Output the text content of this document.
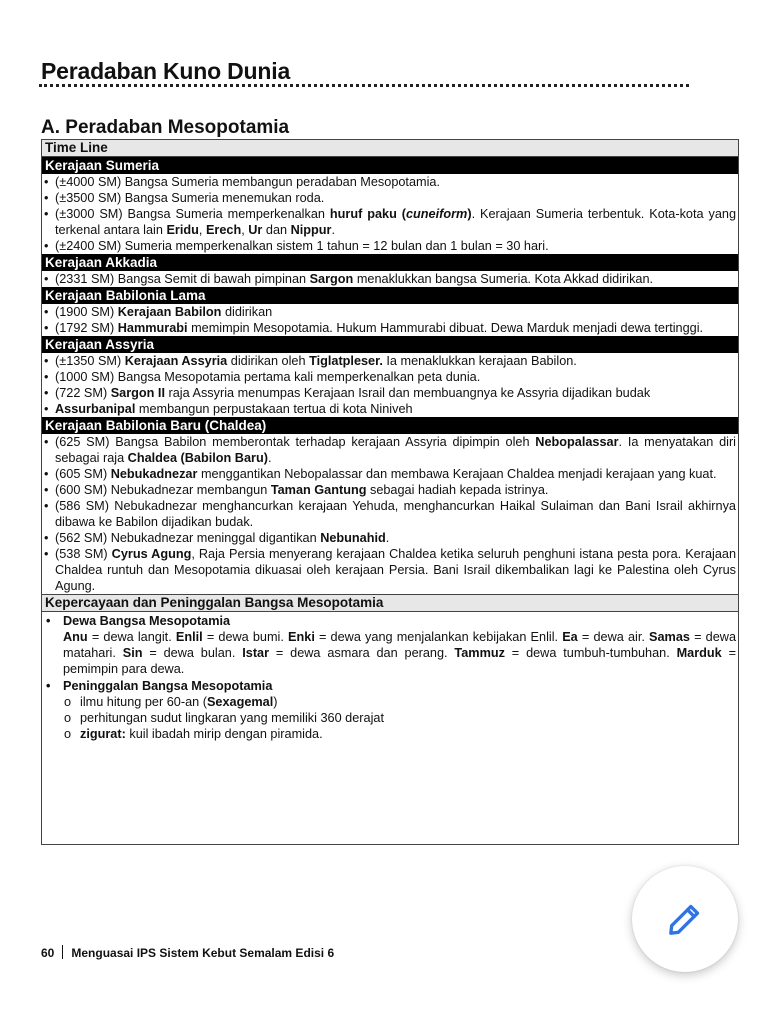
Peradaban Kuno Dunia
A. Peradaban Mesopotamia
Time Line
Kerajaan Sumeria
• (±4000 SM) Bangsa Sumeria membangun peradaban Mesopotamia.
• (±3500 SM) Bangsa Sumeria menemukan roda.
• (±3000 SM) Bangsa Sumeria memperkenalkan huruf paku (cuneiform). Kerajaan Sumeria terbentuk. Kota-kota yang terkenal antara lain Eridu, Erech, Ur dan Nippur.
• (±2400 SM) Sumeria memperkenalkan sistem 1 tahun = 12 bulan dan 1 bulan = 30 hari.
Kerajaan Akkadia
• (2331 SM) Bangsa Semit di bawah pimpinan Sargon menaklukkan bangsa Sumeria. Kota Akkad didirikan.
Kerajaan Babilonia Lama
• (1900 SM) Kerajaan Babilon didirikan
• (1792 SM) Hammurabi memimpin Mesopotamia. Hukum Hammurabi dibuat. Dewa Marduk menjadi dewa tertinggi.
Kerajaan Assyria
• (±1350 SM) Kerajaan Assyria didirikan oleh Tiglatpleser. Ia menaklukkan kerajaan Babilon.
• (1000 SM) Bangsa Mesopotamia pertama kali memperkenalkan peta dunia.
• (722 SM) Sargon II raja Assyria menumpas Kerajaan Israil dan membuangnya ke Assyria dijadikan budak
• Assurbanipal membangun perpustakaan tertua di kota Niniveh
Kerajaan Babilonia Baru (Chaldea)
• (625 SM) Bangsa Babilon memberontak terhadap kerajaan Assyria dipimpin oleh Nebopalassar. Ia menyatakan diri sebagai raja Chaldea (Babilon Baru).
• (605 SM) Nebukadnezar menggantikan Nebopalassar dan membawa Kerajaan Chaldea menjadi kerajaan yang kuat.
• (600 SM) Nebukadnezar membangun Taman Gantung sebagai hadiah kepada istrinya.
• (586 SM) Nebukadnezar menghancurkan kerajaan Yehuda, menghancurkan Haikal Sulaiman dan Bani Israil akhirnya dibawa ke Babilon dijadikan budak.
• (562 SM) Nebukadnezar meninggal digantikan Nebunahid.
• (538 SM) Cyrus Agung, Raja Persia menyerang kerajaan Chaldea ketika seluruh penghuni istana pesta pora. Kerajaan Chaldea runtuh dan Mesopotamia dikuasai oleh kerajaan Persia. Bani Israil dikembalikan lagi ke Palestina oleh Cyrus Agung.
Kepercayaan dan Peninggalan Bangsa Mesopotamia
• Dewa Bangsa Mesopotamia
Anu = dewa langit. Enlil = dewa bumi. Enki = dewa yang menjalankan kebijakan Enlil. Ea = dewa air. Samas = dewa matahari. Sin = dewa bulan. Istar = dewa asmara dan perang. Tammuz = dewa tumbuh-tumbuhan. Marduk = pemimpin para dewa.
• Peninggalan Bangsa Mesopotamia
o ilmu hitung per 60-an (Sexagemal)
o perhitungan sudut lingkaran yang memiliki 360 derajat
o zigurat: kuil ibadah mirip dengan piramida.
60 Menguasai IPS Sistem Kebut Semalam Edisi 6
